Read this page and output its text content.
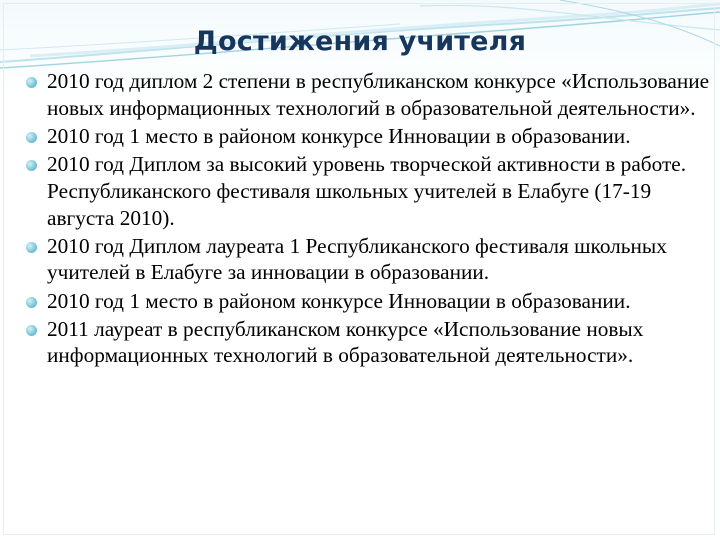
Достижения учителя
2010 год диплом 2 степени в республиканском конкурсе «Использование новых информационных технологий в образовательной деятельности».
2010 год 1 место в районом конкурсе Инновации в образовании.
2010 год Диплом за высокий уровень творческой активности в работе. Республиканского фестиваля школьных учителей в Елабуге (17-19 августа 2010).
2010 год Диплом лауреата 1 Республиканского фестиваля школьных учителей в Елабуге за инновации в образовании.
2010 год 1 место в районом конкурсе Инновации в образовании.
2011 лауреат в республиканском конкурсе «Использование новых информационных технологий в образовательной деятельности».
